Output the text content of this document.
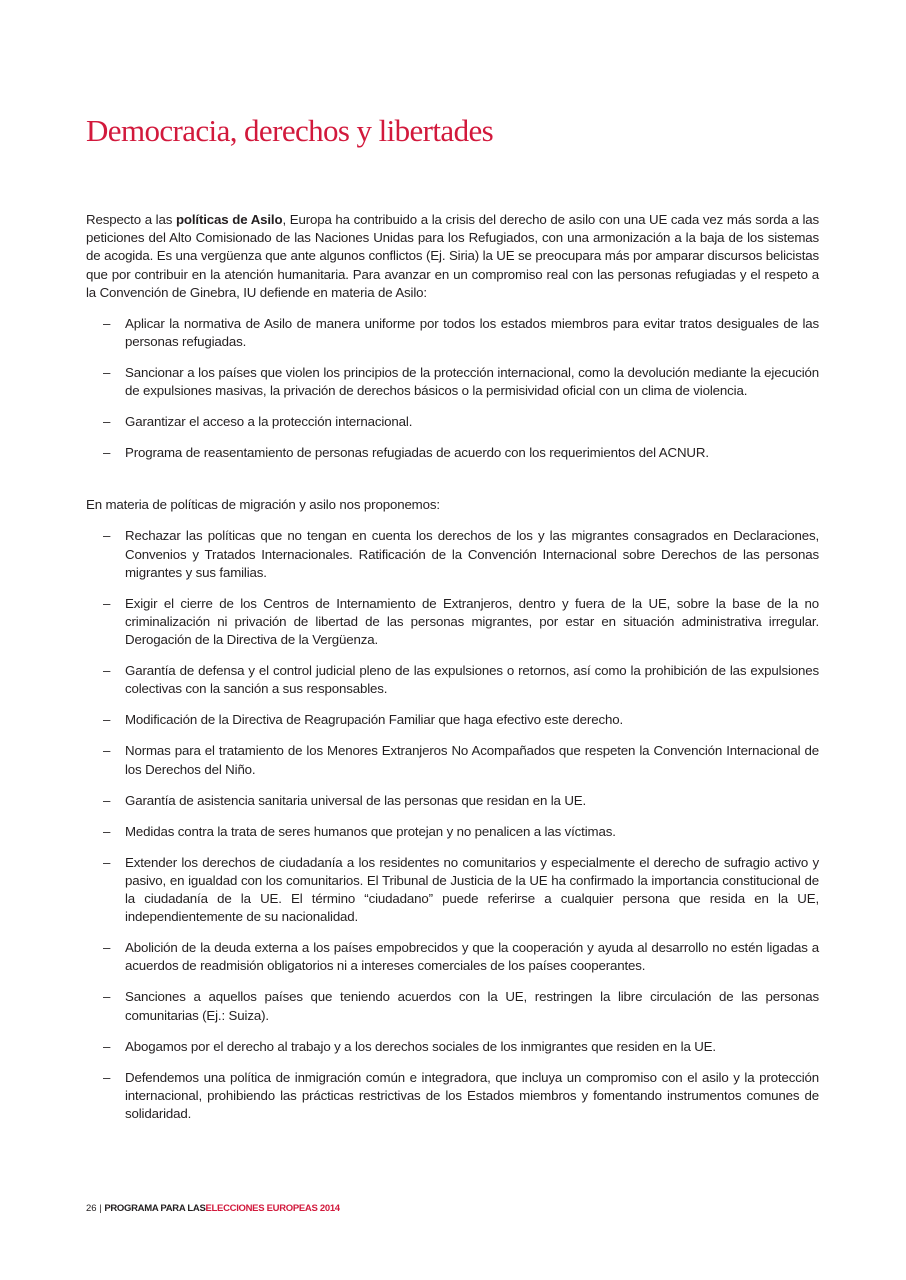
Democracia, derechos y libertades

Respecto a las políticas de Asilo, Europa ha contribuido a la crisis del derecho de asilo con una UE cada vez más sorda a las peticiones del Alto Comisionado de las Naciones Unidas para los Refugiados, con una armonización a la baja de los sistemas de acogida. Es una vergüenza que ante algunos conflictos (Ej. Siria) la UE se preocupara más por amparar discursos belicistas que por contribuir en la atención humanitaria. Para avanzar en un compromiso real con las personas refugiadas y el respeto a la Convención de Ginebra, IU defiende en materia de Asilo:

– Aplicar la normativa de Asilo de manera uniforme por todos los estados miembros para evitar tratos desiguales de las personas refugiadas.
– Sancionar a los países que violen los principios de la protección internacional, como la devolución mediante la ejecución de expulsiones masivas, la privación de derechos básicos o la permisividad oficial con un clima de violencia.
– Garantizar el acceso a la protección internacional.
– Programa de reasentamiento de personas refugiadas de acuerdo con los requerimientos del ACNUR.

En materia de políticas de migración y asilo nos proponemos:

– Rechazar las políticas que no tengan en cuenta los derechos de los y las migrantes consagrados en Declaraciones, Convenios y Tratados Internacionales. Ratificación de la Convención Internacional sobre Derechos de las personas migrantes y sus familias.
– Exigir el cierre de los Centros de Internamiento de Extranjeros, dentro y fuera de la UE, sobre la base de la no criminalización ni privación de libertad de las personas migrantes, por estar en situación administrativa irregular. Derogación de la Directiva de la Vergüenza.
– Garantía de defensa y el control judicial pleno de las expulsiones o retornos, así como la prohibición de las expulsiones colectivas con la sanción a sus responsables.
– Modificación de la Directiva de Reagrupación Familiar que haga efectivo este derecho.
– Normas para el tratamiento de los Menores Extranjeros No Acompañados que respeten la Convención Internacional de los Derechos del Niño.
– Garantía de asistencia sanitaria universal de las personas que residan en la UE.
– Medidas contra la trata de seres humanos que protejan y no penalicen a las víctimas.
– Extender los derechos de ciudadanía a los residentes no comunitarios y especialmente el derecho de sufragio activo y pasivo, en igualdad con los comunitarios. El Tribunal de Justicia de la UE ha confirmado la importancia constitucional de la ciudadanía de la UE. El término “ciudadano” puede referirse a cualquier persona que resida en la UE, independientemente de su nacionalidad.
– Abolición de la deuda externa a los países empobrecidos y que la cooperación y ayuda al desarrollo no estén ligadas a acuerdos de readmisión obligatorios ni a intereses comerciales de los países cooperantes.
– Sanciones a aquellos países que teniendo acuerdos con la UE, restringen la libre circulación de las personas comunitarias (Ej.: Suiza).
– Abogamos por el derecho al trabajo y a los derechos sociales de los inmigrantes que residen en la UE.
– Defendemos una política de inmigración común e integradora, que incluya un compromiso con el asilo y la protección internacional, prohibiendo las prácticas restrictivas de los Estados miembros y fomentando instrumentos comunes de solidaridad.
26 | PROGRAMA PARA LASELECCIONES EUROPEAS 2014
